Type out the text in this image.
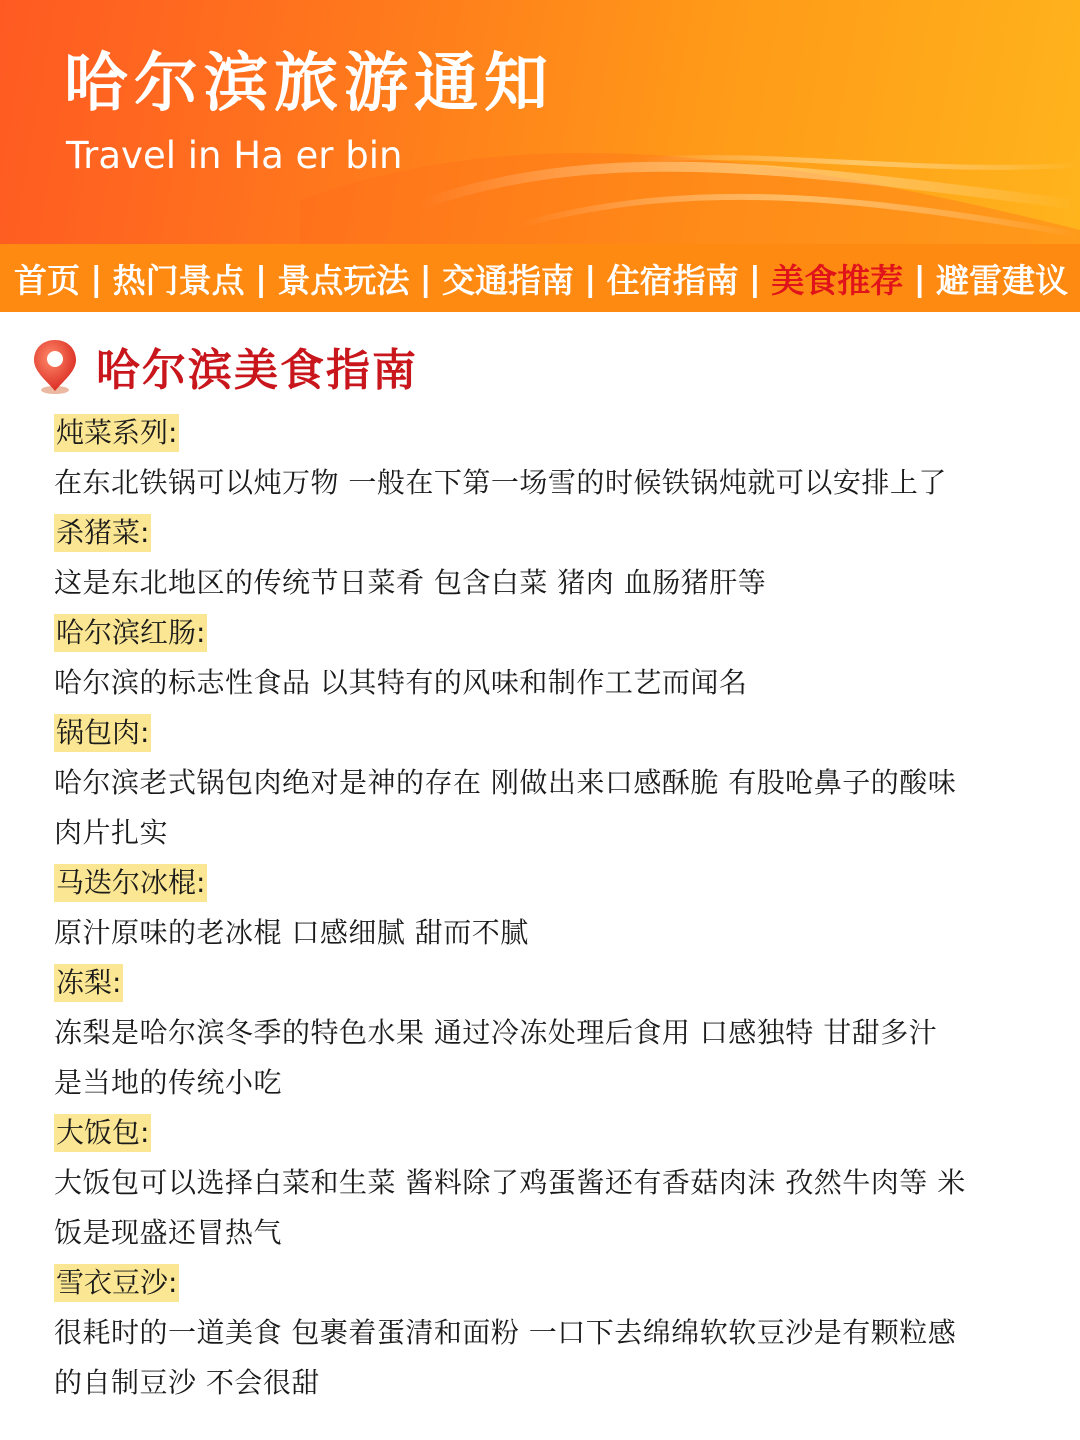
哈尔滨旅游通知
Travel in Ha er bin
首页 | 热门景点 | 景点玩法 | 交通指南 | 住宿指南 | 美食推荐 | 避雷建议
哈尔滨美食指南
炖菜系列:
在东北铁锅可以炖万物 一般在下第一场雪的时候铁锅炖就可以安排上了
杀猪菜:
这是东北地区的传统节日菜肴 包含白菜 猪肉 血肠猪肝等
哈尔滨红肠:
哈尔滨的标志性食品 以其特有的风味和制作工艺而闻名
锅包肉:
哈尔滨老式锅包肉绝对是神的存在 刚做出来口感酥脆 有股呛鼻子的酸味
肉片扎实
马迭尔冰棍:
原汁原味的老冰棍 口感细腻 甜而不腻
冻梨:
冻梨是哈尔滨冬季的特色水果 通过冷冻处理后食用 口感独特 甘甜多汁
是当地的传统小吃
大饭包:
大饭包可以选择白菜和生菜 酱料除了鸡蛋酱还有香菇肉沫 孜然牛肉等 米
饭是现盛还冒热气
雪衣豆沙:
很耗时的一道美食 包裹着蛋清和面粉 一口下去绵绵软软豆沙是有颗粒感
的自制豆沙 不会很甜
